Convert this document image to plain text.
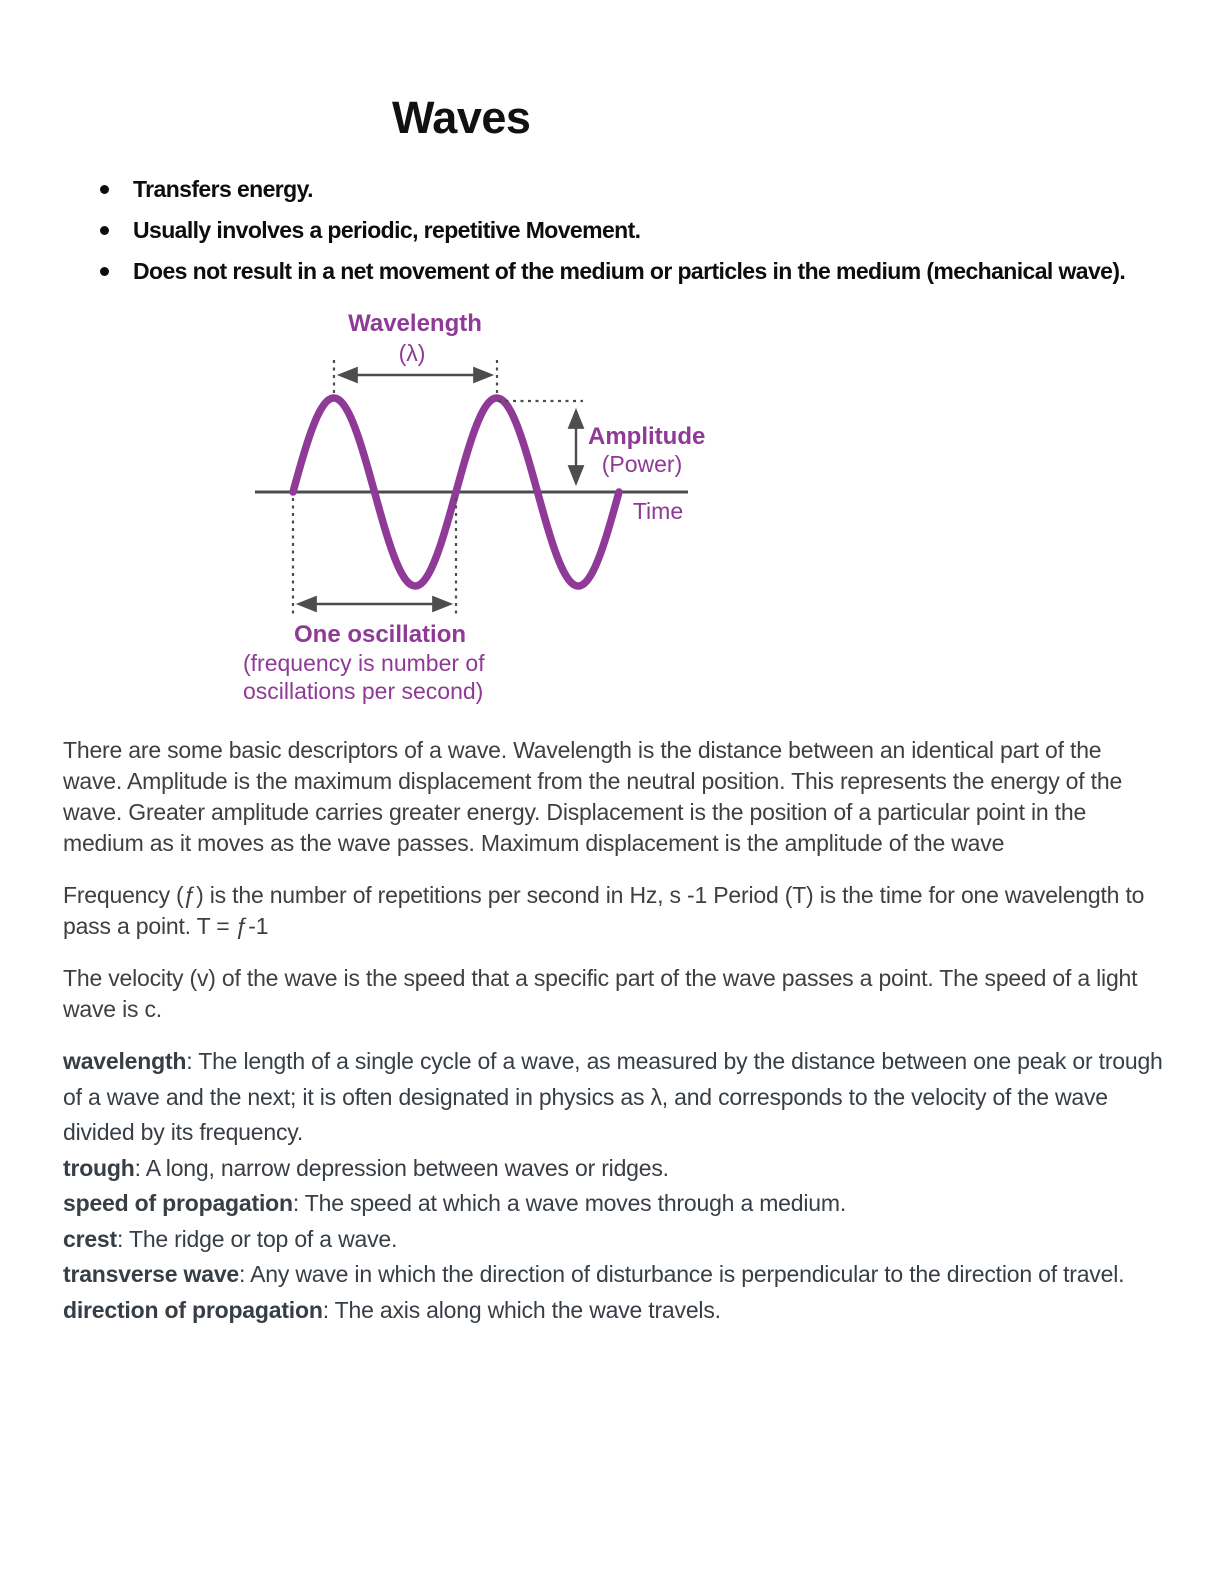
Waves
Transfers energy.
Usually involves a periodic, repetitive Movement.
Does not result in a net movement of the medium or particles in the medium (mechanical wave).
Wavelength
(λ)
Amplitude
(Power)
Time
One oscillation
(frequency is number of
oscillations per second)

There are some basic descriptors of a wave. Wavelength is the distance between an identical part of the wave. Amplitude is the maximum displacement from the neutral position. This represents the energy of the wave. Greater amplitude carries greater energy. Displacement is the position of a particular point in the medium as it moves as the wave passes. Maximum displacement is the amplitude of the wave

Frequency (ƒ) is the number of repetitions per second in Hz, s -1 Period (T) is the time for one wavelength to pass a point. T = ƒ-1

The velocity (v) of the wave is the speed that a specific part of the wave passes a point. The speed of a light wave is c.

wavelength: The length of a single cycle of a wave, as measured by the distance between one peak or trough of a wave and the next; it is often designated in physics as λ, and corresponds to the velocity of the wave divided by its frequency.
trough: A long, narrow depression between waves or ridges.
speed of propagation: The speed at which a wave moves through a medium.
crest: The ridge or top of a wave.
transverse wave: Any wave in which the direction of disturbance is perpendicular to the direction of travel.
direction of propagation: The axis along which the wave travels.
